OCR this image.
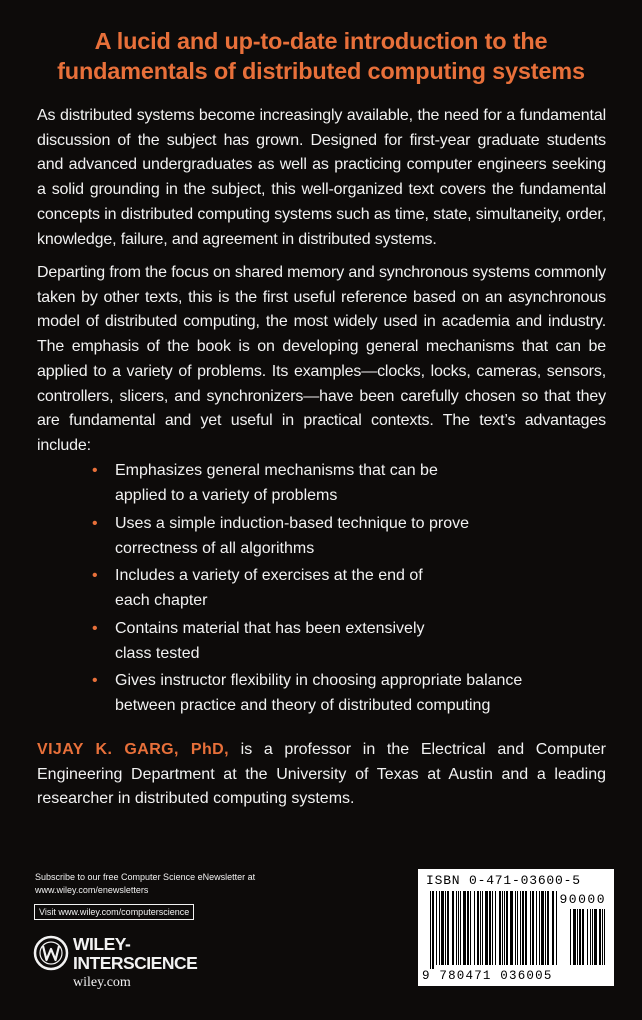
A lucid and up-to-date introduction to the
fundamentals of distributed computing systems
As distributed systems become increasingly available, the need for a fundamental discussion of the subject has grown. Designed for first-year graduate students and advanced undergraduates as well as practicing computer engineers seeking a solid grounding in the subject, this well-organized text covers the fundamental concepts in distributed computing systems such as time, state, simultaneity, order, knowledge, failure, and agreement in distributed systems.
Departing from the focus on shared memory and synchronous systems commonly taken by other texts, this is the first useful reference based on an asynchronous model of distributed computing, the most widely used in academia and industry. The emphasis of the book is on developing general mechanisms that can be applied to a variety of problems. Its examples—clocks, locks, cameras, sensors, controllers, slicers, and synchronizers—have been carefully chosen so that they are fundamental and yet useful in practical contexts. The text’s advantages include:
• Emphasizes general mechanisms that can be
applied to a variety of problems
• Uses a simple induction-based technique to prove
correctness of all algorithms
• Includes a variety of exercises at the end of
each chapter
• Contains material that has been extensively
class tested
• Gives instructor flexibility in choosing appropriate balance
between practice and theory of distributed computing
VIJAY K. GARG, PhD, is a professor in the Electrical and Computer Engineering Department at the University of Texas at Austin and a leading researcher in distributed computing systems.
Subscribe to our free Computer Science eNewsletter at
www.wiley.com/enewsletters
Visit www.wiley.com/computerscience
WILEY-
INTERSCIENCE
wiley.com
ISBN 0-471-03600-5
90000
9 780471 036005
